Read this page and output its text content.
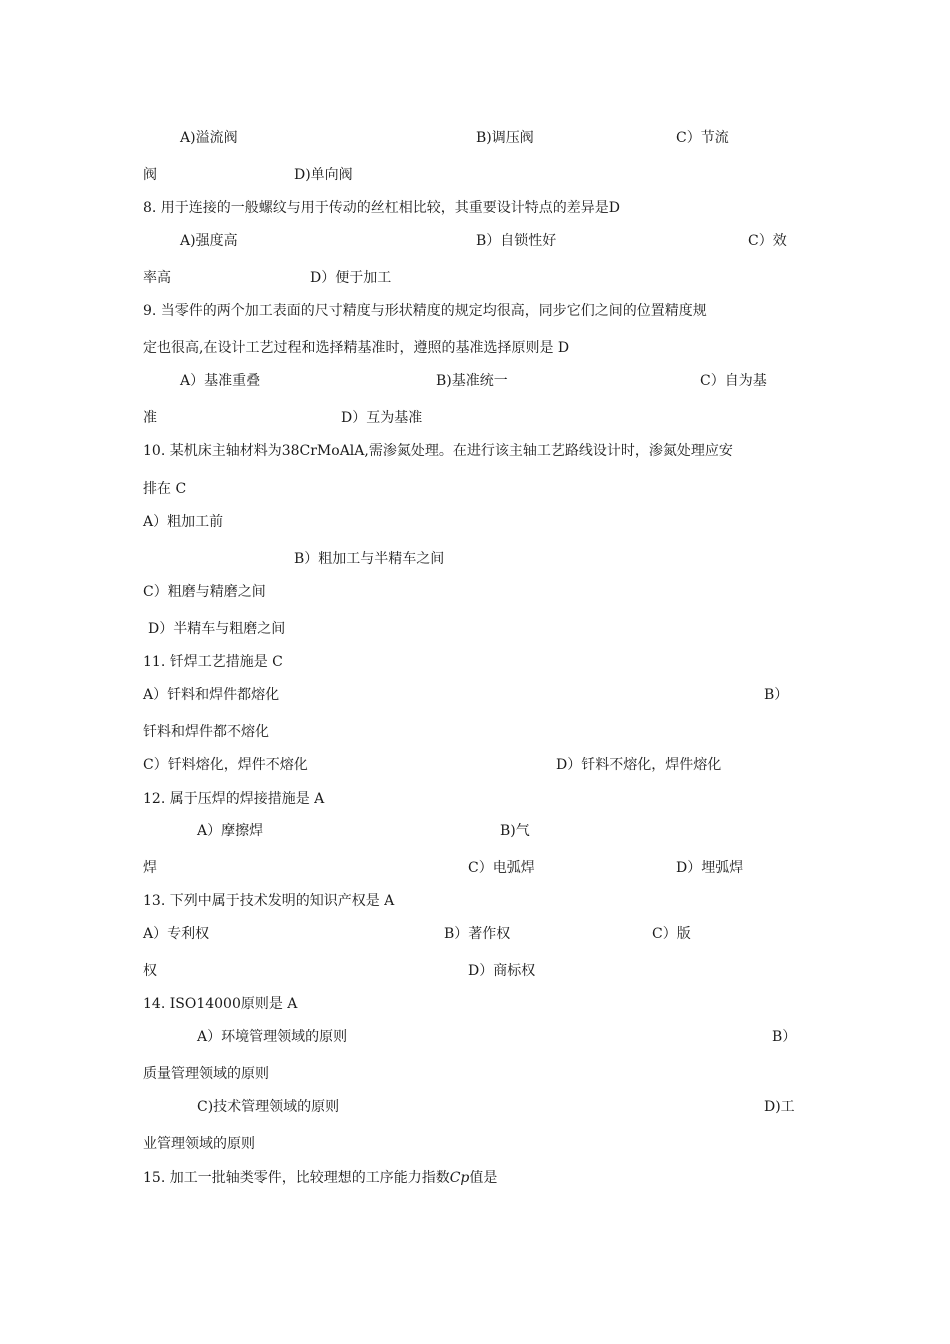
A)溢流阀	B)调压阀	C）节流
阀	D)单向阀
8. 用于连接的一般螺纹与用于传动的丝杠相比较，其重要设计特点的差异是D
A)强度高	B）自锁性好	C）效
率高	D）便于加工
9. 当零件的两个加工表面的尺寸精度与形状精度的规定均很高，同步它们之间的位置精度规
定也很高,在设计工艺过程和选择精基准时，遵照的基准选择原则是 D
A）基准重叠	B)基准统一	C）自为基
准	D）互为基准
10. 某机床主轴材料为38CrMoAlA,需渗氮处理。在进行该主轴工艺路线设计时，渗氮处理应安
排在 C
A）粗加工前
B）粗加工与半精车之间
C）粗磨与精磨之间
D）半精车与粗磨之间
11. 钎焊工艺措施是 C
A）钎料和焊件都熔化	B）
钎料和焊件都不熔化
C）钎料熔化，焊件不熔化	D）钎料不熔化，焊件熔化
12. 属于压焊的焊接措施是 A
A）摩擦焊	B)气
焊	C）电弧焊	D）埋弧焊
13. 下列中属于技术发明的知识产权是 A
A）专利权	B）著作权	C）版
权	D）商标权
14. ISO14000原则是 A
A）环境管理领域的原则	B）
质量管理领域的原则
C)技术管理领域的原则	D)工
业管理领域的原则
15. 加工一批轴类零件，比较理想的工序能力指数Cp值是
